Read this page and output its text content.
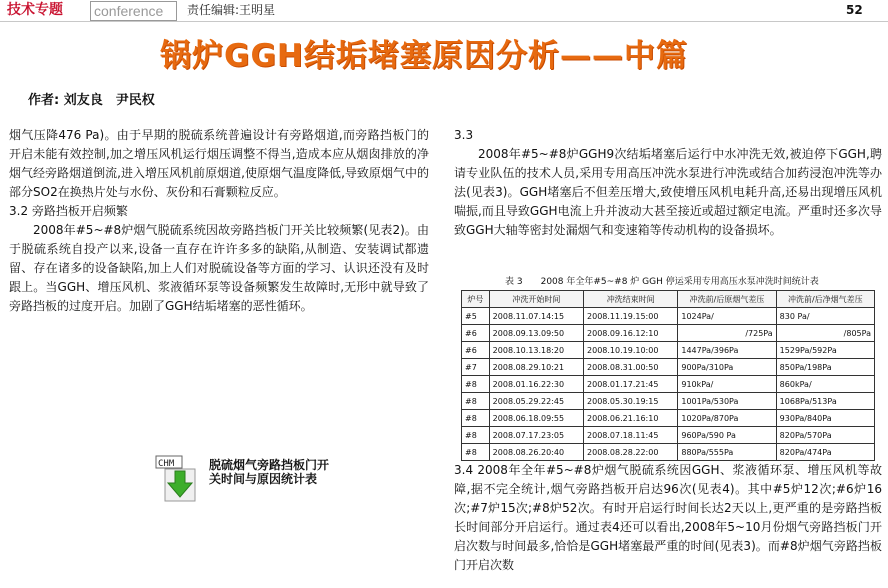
技术专题 conference	责任编辑:王明星	52
锅炉GGH结垢堵塞原因分析——中篇
作者: 刘友良　尹民权

烟气压降476 Pa)。由于早期的脱硫系统普遍设计有旁路烟道,而旁路挡板门的开启未能有效控制,加之增压风机运行烟压调整不得当,造成本应从烟囱排放的净烟气经旁路烟道倒流,进入增压风机前原烟道,使原烟气温度降低,导致原烟气中的部分SO2在换热片处与水份、灰份和石膏颗粒反应。

3.2 旁路挡板开启频繁

2008年#5~#8炉烟气脱硫系统因故旁路挡板门开关比较频繁(见表2)。由于脱硫系统自投产以来,设备一直存在许许多多的缺陷,从制造、安装调试都遗留、存在诸多的设备缺陷,加上人们对脱硫设备等方面的学习、认识还没有及时跟上。当GGH、增压风机、浆液循环泵等设备频繁发生故障时,无形中就导致了旁路挡板的过度开启。加剧了GGH结垢堵塞的恶性循环。

CHM	脱硫烟气旁路挡板门开关时间与原因统计表

3.3

2008年#5~#8炉GGH9次结垢堵塞后运行中水冲洗无效,被迫停下GGH,聘请专业队伍的技术人员,采用专用高压冲洗水泵进行冲洗或结合加药浸泡冲洗等办法(见表3)。GGH堵塞后不但差压增大,致使增压风机电耗升高,还易出现增压风机喘振,而且导致GGH电流上升并波动大甚至接近或超过额定电流。严重时还多次导致GGH大轴等密封处漏烟气和变速箱等传动机构的设备损坏。

表 3　　2008 年全年#5~#8 炉 GGH 停运采用专用高压水泵冲洗时间统计表
炉号	冲洗开始时间	冲洗结束时间	冲洗前/后原烟气差压	冲洗前/后净烟气差压
#5	2008.11.07.14:15	2008.11.19.15:00	1024Pa/	830 Pa/
#6	2008.09.13.09:50	2008.09.16.12:10	/725Pa	/805Pa
#6	2008.10.13.18:20	2008.10.19.10:00	1447Pa/396Pa	1529Pa/592Pa
#7	2008.08.29.10:21	2008.08.31.00:50	900Pa/310Pa	850Pa/198Pa
#8	2008.01.16.22:30	2008.01.17.21:45	910kPa/	860kPa/
#8	2008.05.29.22:45	2008.05.30.19:15	1001Pa/530Pa	1068Pa/513Pa
#8	2008.06.18.09:55	2008.06.21.16:10	1020Pa/870Pa	930Pa/840Pa
#8	2008.07.17.23:05	2008.07.18.11:45	960Pa/590 Pa	820Pa/570Pa
#8	2008.08.26.20:40	2008.08.28.22:00	880Pa/555Pa	820Pa/474Pa

3.4 2008年全年#5~#8炉烟气脱硫系统因GGH、浆液循环泵、增压风机等故障,据不完全统计,烟气旁路挡板开启达96次(见表4)。其中#5炉12次;#6炉16次;#7炉15次;#8炉52次。有时开启运行时间长达2天以上,更严重的是旁路挡板长时间部分开启运行。通过表4还可以看出,2008年5~10月份烟气旁路挡板门开启次数与时间最多,恰恰是GGH堵塞最严重的时间(见表3)。而#8炉烟气旁路挡板门开启次数
